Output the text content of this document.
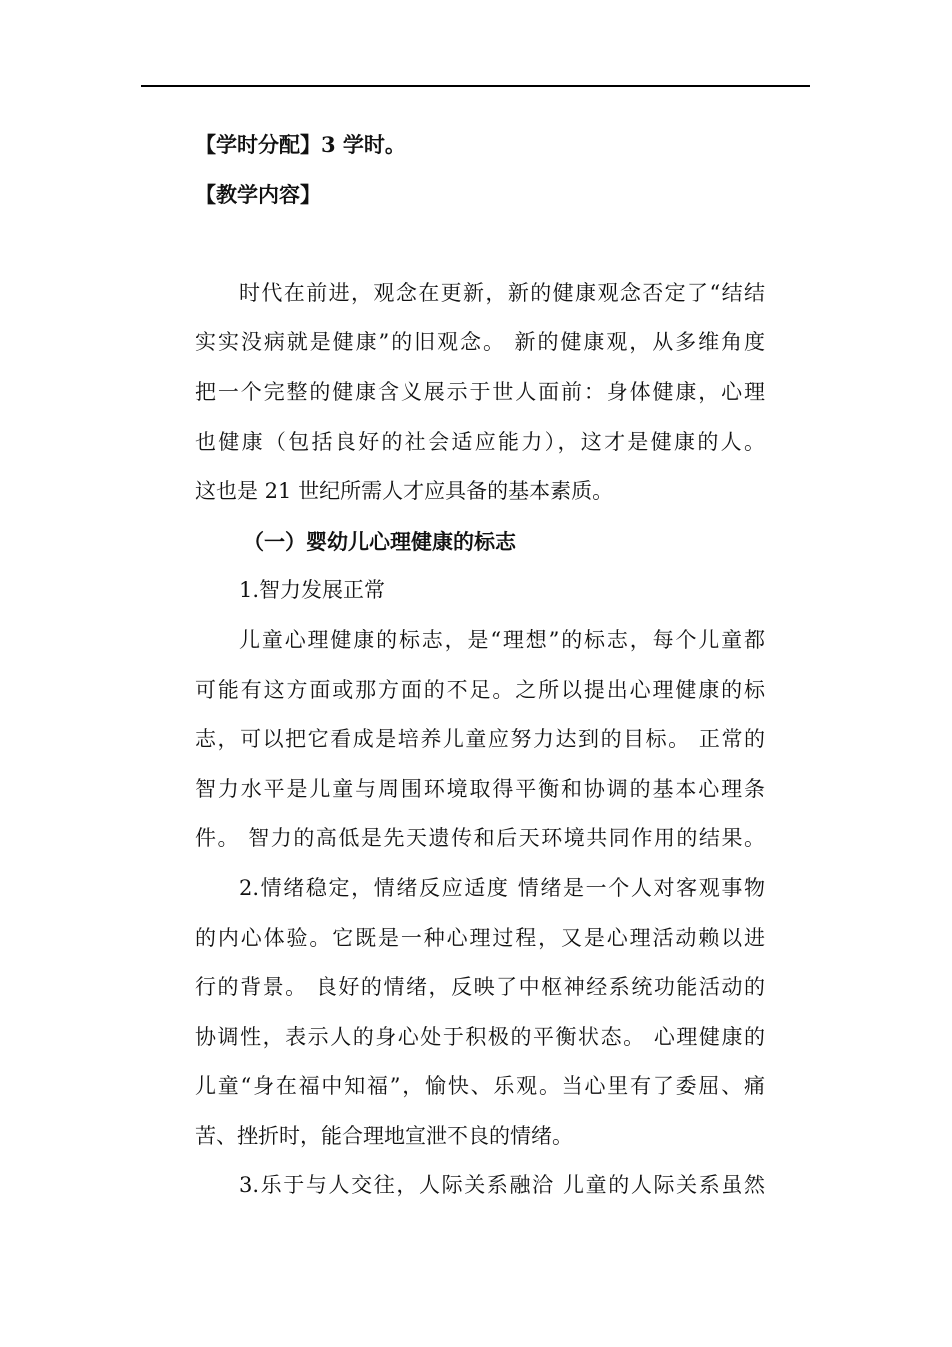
【学时分配】3 学时。
【教学内容】
时代在前进，观念在更新，新的健康观念否定了“结结
实实没病就是健康”的旧观念。 新的健康观，从多维角度
把一个完整的健康含义展示于世人面前：身体健康，心理
也健康（包括良好的社会适应能力），这才是健康的人。
这也是 21 世纪所需人才应具备的基本素质。
（一）婴幼儿心理健康的标志
1.智力发展正常
儿童心理健康的标志，是“理想”的标志，每个儿童都
可能有这方面或那方面的不足。之所以提出心理健康的标
志，可以把它看成是培养儿童应努力达到的目标。 正常的
智力水平是儿童与周围环境取得平衡和协调的基本心理条
件。 智力的高低是先天遗传和后天环境共同作用的结果。
2.情绪稳定，情绪反应适度 情绪是一个人对客观事物
的内心体验。它既是一种心理过程，又是心理活动赖以进
行的背景。 良好的情绪，反映了中枢神经系统功能活动的
协调性，表示人的身心处于积极的平衡状态。 心理健康的
儿童“身在福中知福”，愉快、乐观。当心里有了委屈、痛
苦、挫折时，能合理地宣泄不良的情绪。
3.乐于与人交往，人际关系融洽 儿童的人际关系虽然
